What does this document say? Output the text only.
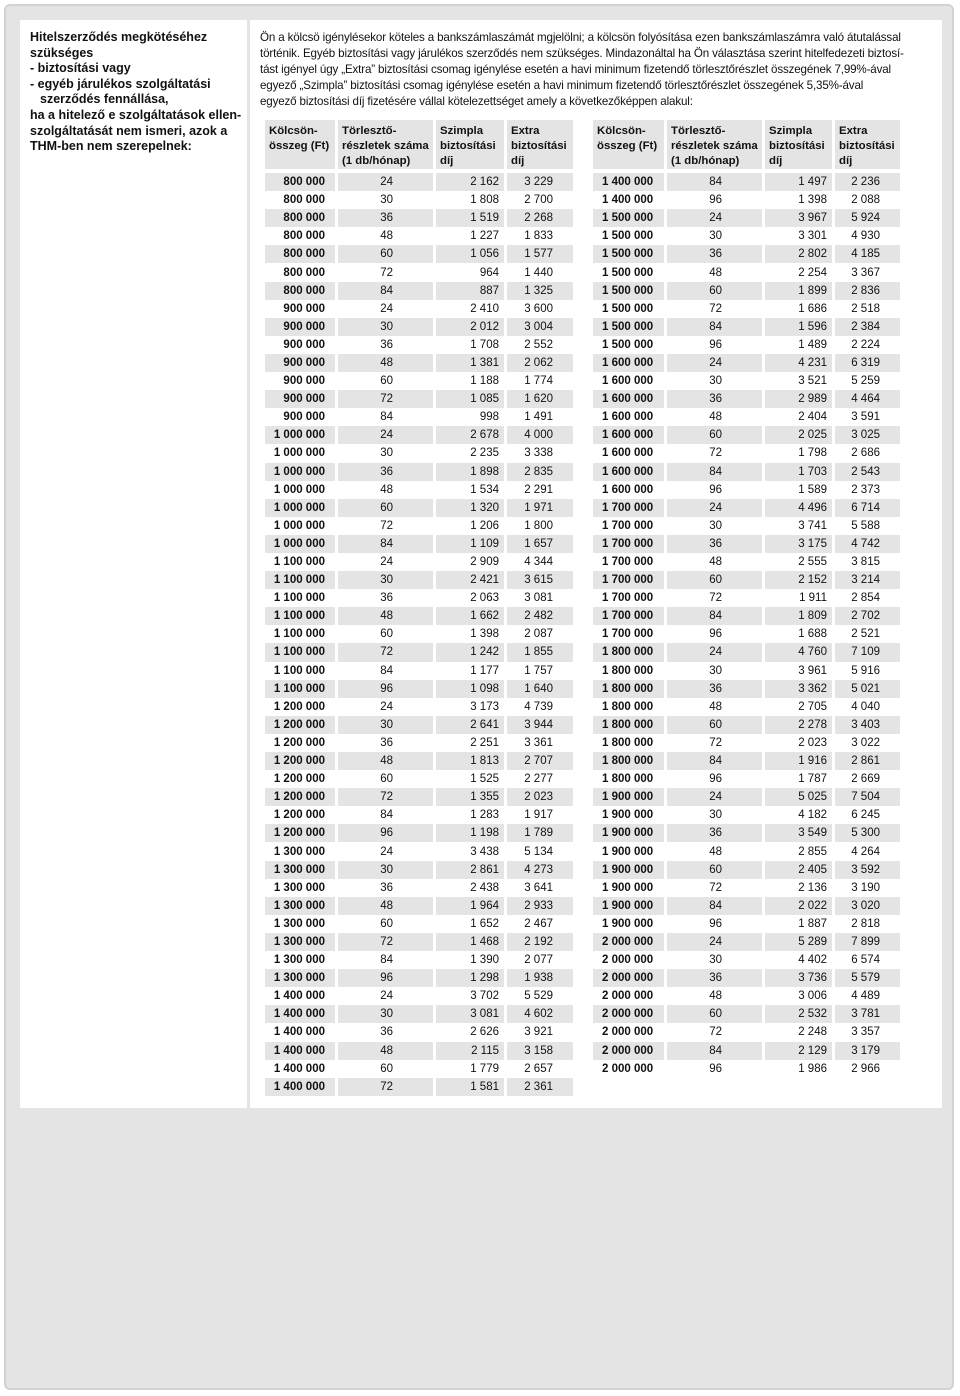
Hitelszerződés megkötéséhez
szükséges
- biztosítási vagy
- egyéb járulékos szolgáltatási
szerződés fennállása,
ha a hitelező e szolgáltatások ellen-
szolgáltatását nem ismeri, azok a
THM-ben nem szerepelnek:
Ön a kölcsö igénylésekor köteles a bankszámlaszámát mgjelölni; a kölcsön folyósítása ezen bankszámlaszámra való átutalással
történik. Egyéb biztosítási vagy járulékos szerződés nem szükséges. Mindazonáltal ha Ön választása szerint hitelfedezeti biztosí-
tást igényel úgy „Extra” biztosítási csomag igénylése esetén a havi minimum fizetendő törlesztőrészlet összegének 7,99%-ával
egyező „Szimpla” biztosítási csomag igénylése esetén a havi minimum fizetendő törlesztőrészlet összegének 5,35%-ával
egyező biztosítási díj fizetésére vállal kötelezettséget amely a következőképpen alakul:
Kölcsön-
összeg (Ft)	Törlesztő-
részletek száma
(1 db/hónap)	Szimpla
biztosítási
díj	Extra
biztosítási
díj
800 000	24	2 162	3 229
800 000	30	1 808	2 700
800 000	36	1 519	2 268
800 000	48	1 227	1 833
800 000	60	1 056	1 577
800 000	72	964	1 440
800 000	84	887	1 325
900 000	24	2 410	3 600
900 000	30	2 012	3 004
900 000	36	1 708	2 552
900 000	48	1 381	2 062
900 000	60	1 188	1 774
900 000	72	1 085	1 620
900 000	84	998	1 491
1 000 000	24	2 678	4 000
1 000 000	30	2 235	3 338
1 000 000	36	1 898	2 835
1 000 000	48	1 534	2 291
1 000 000	60	1 320	1 971
1 000 000	72	1 206	1 800
1 000 000	84	1 109	1 657
1 100 000	24	2 909	4 344
1 100 000	30	2 421	3 615
1 100 000	36	2 063	3 081
1 100 000	48	1 662	2 482
1 100 000	60	1 398	2 087
1 100 000	72	1 242	1 855
1 100 000	84	1 177	1 757
1 100 000	96	1 098	1 640
1 200 000	24	3 173	4 739
1 200 000	30	2 641	3 944
1 200 000	36	2 251	3 361
1 200 000	48	1 813	2 707
1 200 000	60	1 525	2 277
1 200 000	72	1 355	2 023
1 200 000	84	1 283	1 917
1 200 000	96	1 198	1 789
1 300 000	24	3 438	5 134
1 300 000	30	2 861	4 273
1 300 000	36	2 438	3 641
1 300 000	48	1 964	2 933
1 300 000	60	1 652	2 467
1 300 000	72	1 468	2 192
1 300 000	84	1 390	2 077
1 300 000	96	1 298	1 938
1 400 000	24	3 702	5 529
1 400 000	30	3 081	4 602
1 400 000	36	2 626	3 921
1 400 000	48	2 115	3 158
1 400 000	60	1 779	2 657
1 400 000	72	1 581	2 361
Kölcsön-
összeg (Ft)	Törlesztő-
részletek száma
(1 db/hónap)	Szimpla
biztosítási
díj	Extra
biztosítási
díj
1 400 000	84	1 497	2 236
1 400 000	96	1 398	2 088
1 500 000	24	3 967	5 924
1 500 000	30	3 301	4 930
1 500 000	36	2 802	4 185
1 500 000	48	2 254	3 367
1 500 000	60	1 899	2 836
1 500 000	72	1 686	2 518
1 500 000	84	1 596	2 384
1 500 000	96	1 489	2 224
1 600 000	24	4 231	6 319
1 600 000	30	3 521	5 259
1 600 000	36	2 989	4 464
1 600 000	48	2 404	3 591
1 600 000	60	2 025	3 025
1 600 000	72	1 798	2 686
1 600 000	84	1 703	2 543
1 600 000	96	1 589	2 373
1 700 000	24	4 496	6 714
1 700 000	30	3 741	5 588
1 700 000	36	3 175	4 742
1 700 000	48	2 555	3 815
1 700 000	60	2 152	3 214
1 700 000	72	1 911	2 854
1 700 000	84	1 809	2 702
1 700 000	96	1 688	2 521
1 800 000	24	4 760	7 109
1 800 000	30	3 961	5 916
1 800 000	36	3 362	5 021
1 800 000	48	2 705	4 040
1 800 000	60	2 278	3 403
1 800 000	72	2 023	3 022
1 800 000	84	1 916	2 861
1 800 000	96	1 787	2 669
1 900 000	24	5 025	7 504
1 900 000	30	4 182	6 245
1 900 000	36	3 549	5 300
1 900 000	48	2 855	4 264
1 900 000	60	2 405	3 592
1 900 000	72	2 136	3 190
1 900 000	84	2 022	3 020
1 900 000	96	1 887	2 818
2 000 000	24	5 289	7 899
2 000 000	30	4 402	6 574
2 000 000	36	3 736	5 579
2 000 000	48	3 006	4 489
2 000 000	60	2 532	3 781
2 000 000	72	2 248	3 357
2 000 000	84	2 129	3 179
2 000 000	96	1 986	2 966
